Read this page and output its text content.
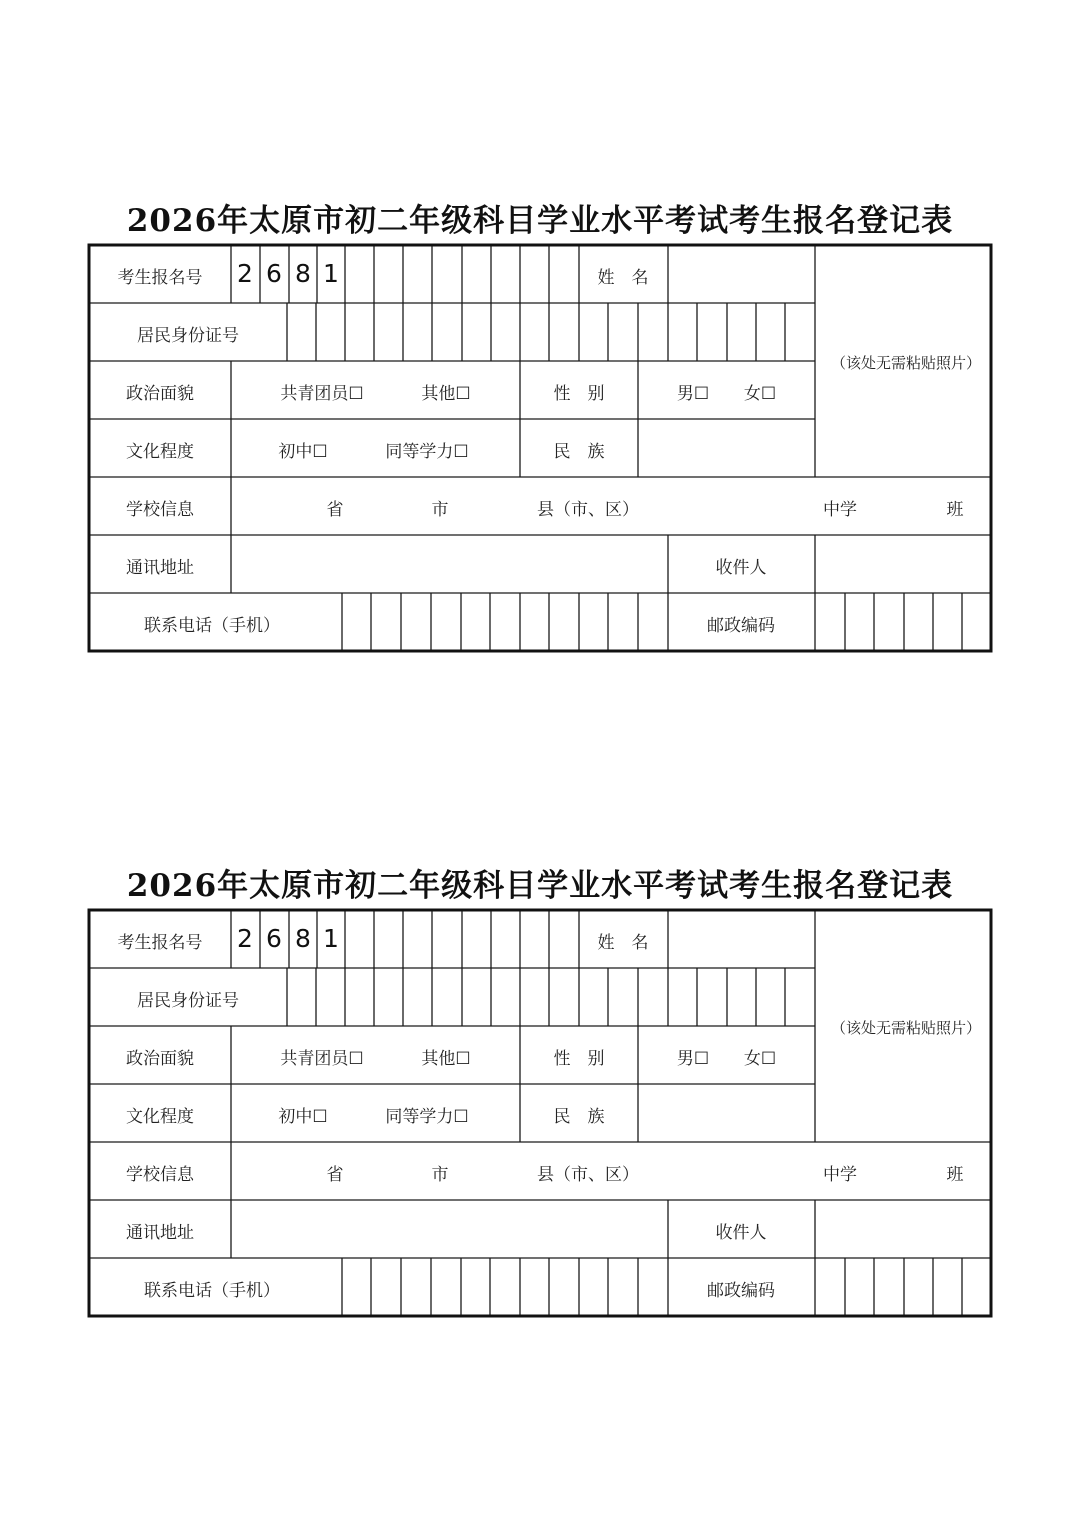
2026年太原市初二年级科目学业水平考试考生报名登记表
考生报名号 2 6 8 1	姓　名
居民身份证号
（该处无需粘贴照片）
政治面貌	共青团员☐	其他☐	性　别	男☐ 女☐
文化程度	初中☐	同等学力☐	民　族
学校信息	省	市	县（市、区）	中学	班
通讯地址	收件人
联系电话（手机）	邮政编码
2026年太原市初二年级科目学业水平考试考生报名登记表
考生报名号 2 6 8 1	姓　名
居民身份证号
（该处无需粘贴照片）
政治面貌	共青团员☐	其他☐	性　别	男☐ 女☐
文化程度	初中☐	同等学力☐	民　族
学校信息	省	市	县（市、区）	中学	班
通讯地址	收件人
联系电话（手机）	邮政编码
